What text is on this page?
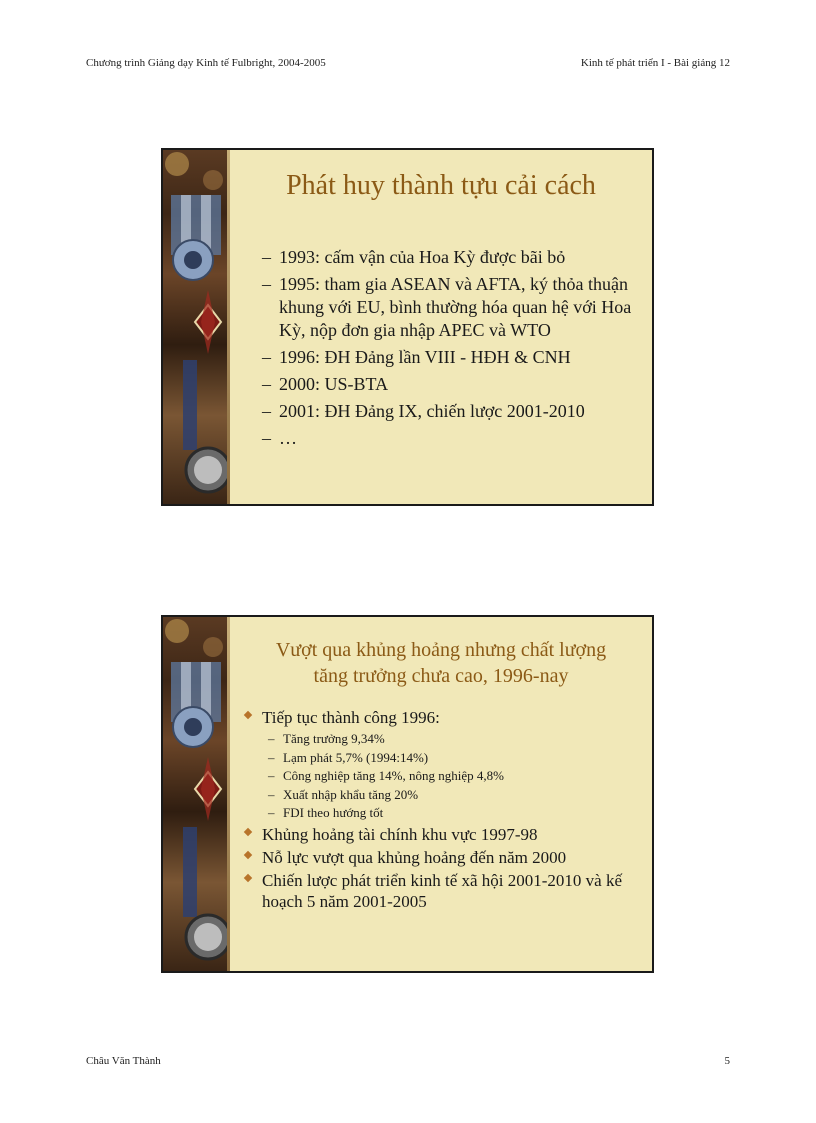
Chương trình Giảng dạy Kinh tế Fulbright, 2004-2005	Kinh tế phát triển I - Bài giảng 12
Phát huy thành tựu cải cách
– 1993: cấm vận của Hoa Kỳ được bãi bỏ
– 1995: tham gia ASEAN và AFTA, ký thỏa thuận khung với EU, bình thường hóa quan hệ với Hoa Kỳ, nộp đơn gia nhập APEC và WTO
– 1996: ĐH Đảng lần VIII - HĐH & CNH
– 2000: US-BTA
– 2001: ĐH Đảng IX, chiến lược 2001-2010
– …
Vượt qua khủng hoảng nhưng chất lượng
tăng trưởng chưa cao, 1996-nay
Tiếp tục thành công 1996:
– Tăng trưởng 9,34%
– Lạm phát 5,7% (1994:14%)
– Công nghiệp tăng 14%, nông nghiệp 4,8%
– Xuất nhập khẩu tăng 20%
– FDI theo hướng tốt
Khủng hoảng tài chính khu vực 1997-98
Nỗ lực vượt qua khủng hoảng đến năm 2000
Chiến lược phát triển kinh tế xã hội 2001-2010 và kế hoạch 5 năm 2001-2005
Châu Văn Thành	5
